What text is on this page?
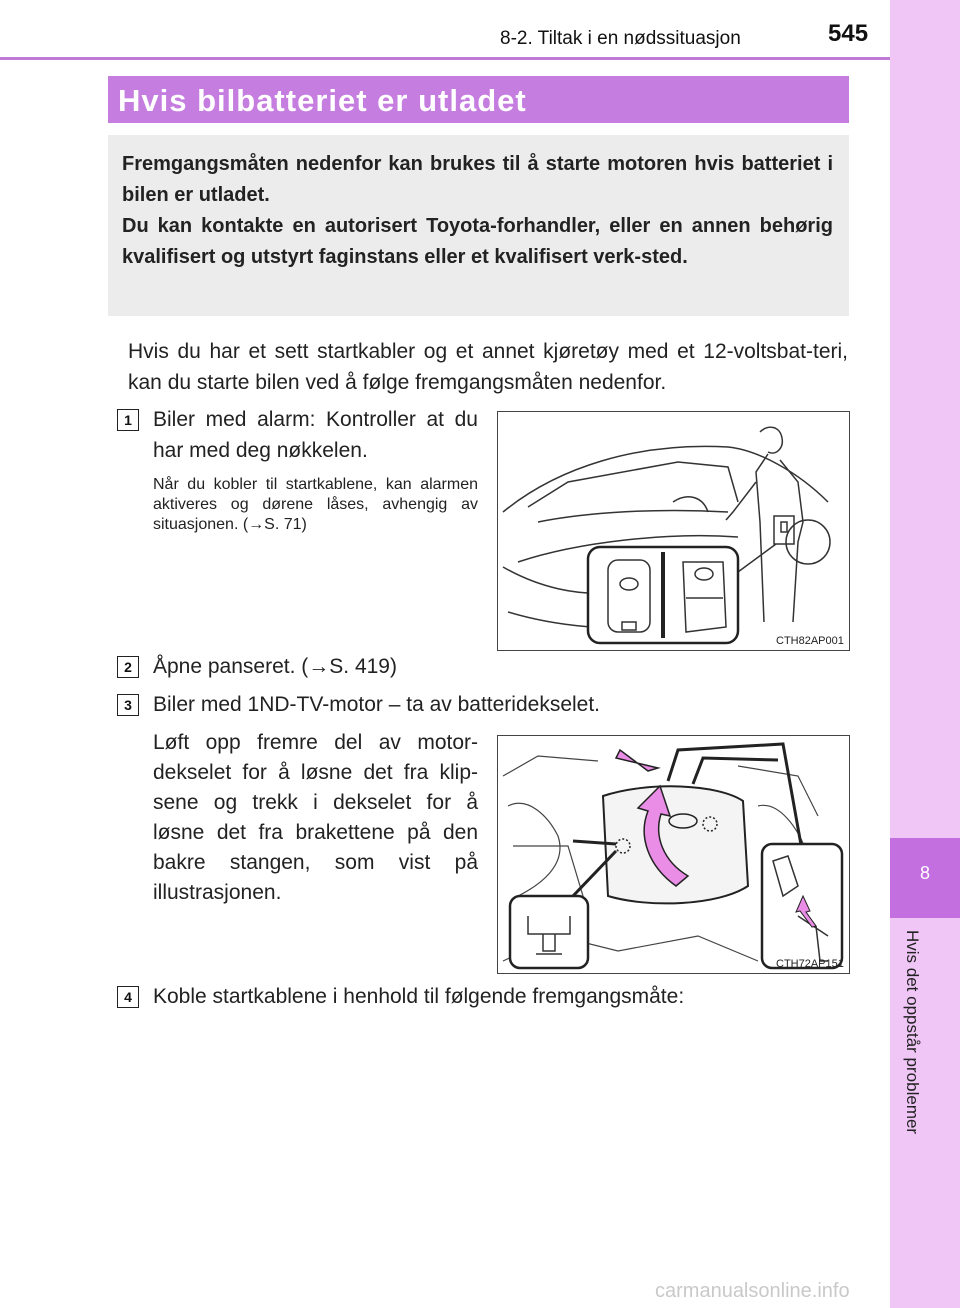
8-2. Tiltak i en nødssituasjon	545
8
Hvis det oppstår problemer
Hvis bilbatteriet er utladet

Fremgangsmåten nedenfor kan brukes til å starte motoren hvis batteriet i bilen er utladet.

Du kan kontakte en autorisert Toyota-forhandler, eller en annen behørig kvalifisert og utstyrt faginstans eller et kvalifisert verk-sted.

Hvis du har et sett startkabler og et annet kjøretøy med et 12-voltsbat-teri, kan du starte bilen ved å følge fremgangsmåten nedenfor.
1	Biler med alarm: Kontroller at du har med deg nøkkelen.
Når du kobler til startkablene, kan alarmen aktiveres og dørene låses, avhengig av situasjonen. (→S. 71)
CTH82AP001
2	Åpne panseret. (→S. 419)
3	Biler med 1ND-TV-motor – ta av batteridekselet.
Løft opp fremre del av motor-dekselet for å løsne det fra klip-sene og trekk i dekselet for å løsne det fra brakettene på den bakre stangen, som vist på illustrasjonen.
CTH72AP151
4	Koble startkablene i henhold til følgende fremgangsmåte:
carmanualsonline.info
